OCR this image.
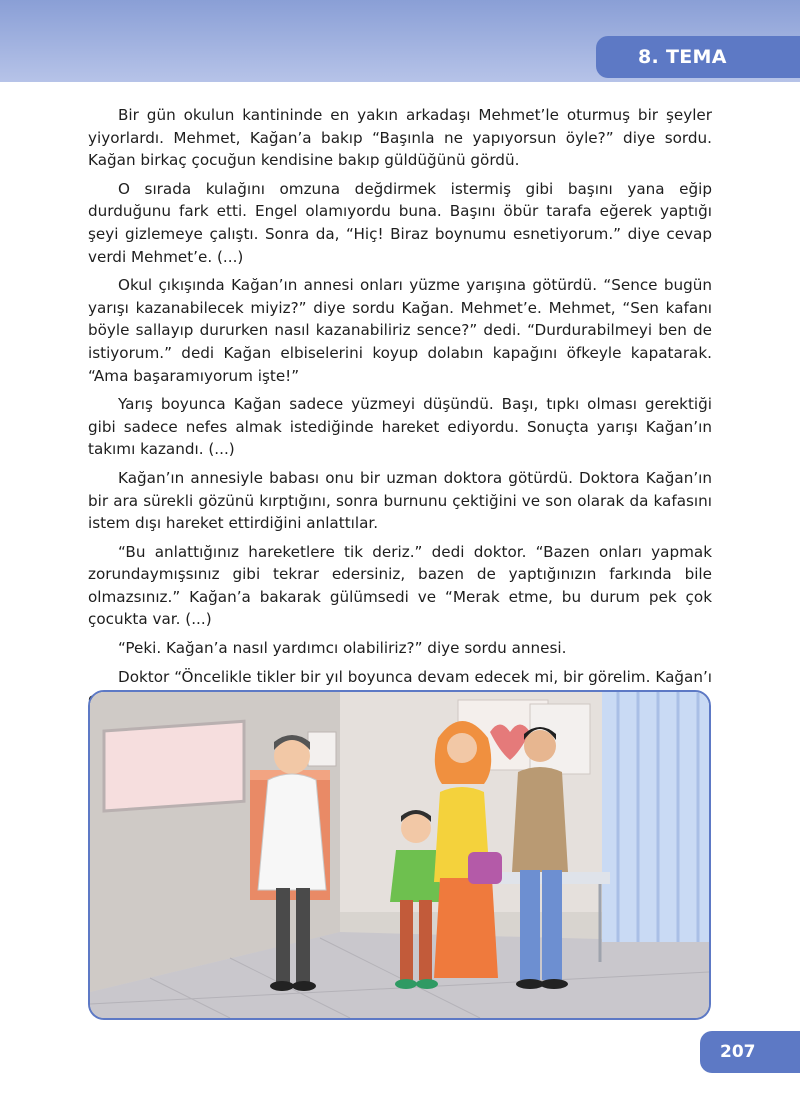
8. TEMA

Bir gün okulun kantininde en yakın arkadaşı Mehmet’le oturmuş bir şeyler yiyorlardı. Mehmet, Kağan’a bakıp “Başınla ne yapıyorsun öyle?” diye sordu. Kağan birkaç çocuğun kendisine bakıp güldüğünü gördü.

O sırada kulağını omzuna değdirmek istermiş gibi başını yana eğip durduğunu fark etti. Engel olamıyordu buna. Başını öbür tarafa eğerek yaptığı şeyi gizlemeye çalıştı. Sonra da, “Hiç! Biraz boynumu esnetiyorum.” diye cevap verdi Mehmet’e. (...)

Okul çıkışında Kağan’ın annesi onları yüzme yarışına götürdü. “Sence bugün yarışı kazanabilecek miyiz?” diye sordu Kağan. Mehmet’e. Mehmet, “Sen kafanı böyle sallayıp dururken nasıl kazanabiliriz sence?” dedi. “Durdurabilmeyi ben de istiyorum.” dedi Kağan elbiselerini koyup dolabın kapağını öfkeyle kapatarak. “Ama başaramıyorum işte!”

Yarış boyunca Kağan sadece yüzmeyi düşündü. Başı, tıpkı olması gerektiği gibi sadece nefes almak istediğinde hareket ediyordu. Sonuçta yarışı Kağan’ın takımı kazandı. (...)

Kağan’ın annesiyle babası onu bir uzman doktora götürdü. Doktora Kağan’ın bir ara sürekli gözünü kırptığını, sonra burnunu çektiğini ve son olarak da kafasını istem dışı hareket ettirdiğini anlattılar.

“Bu anlattığınız hareketlere tik deriz.” dedi doktor. “Bazen onları yapmak zorundaymışsınız gibi tekrar edersiniz, bazen de yaptığınızın farkında bile olmazsınız.” Kağan’a bakarak gülümsedi ve “Merak etme, bu durum pek çok çocukta var. (...)

“Peki. Kağan’a nasıl yardımcı olabiliriz?” diye sordu annesi.

Doktor “Öncelikle tikler bir yıl boyunca devam edecek mi, bir görelim. Kağan’ı

207
